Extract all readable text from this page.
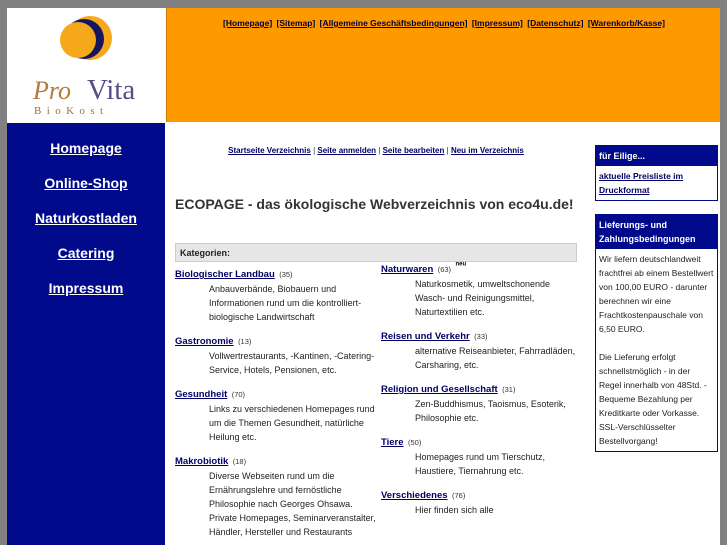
Pro Vita
BioKost
[Homepage] [Sitemap] [Allgemeine Geschäftsbedingungen] [Impressum] [Datenschutz] [Warenkorb/Kasse]
Homepage
Online-Shop
Naturkostladen
Catering
Impressum
Startseite Verzeichnis | Seite anmelden | Seite bearbeiten | Neu im Verzeichnis
ECOPAGE - das ökologische Webverzeichnis von eco4u.de!
Kategorien:
Biologischer Landbau (35)
Anbauverbände, Biobauern und Informationen rund um die kontrolliert-biologische Landwirtschaft
Gastronomie (13)
Vollwertrestaurants, -Kantinen, -Catering-Service, Hotels, Pensionen, etc.
Gesundheit (70)
Links zu verschiedenen Homepages rund um die Themen Gesundheit, natürliche Heilung etc.
Makrobiotik (18)
Diverse Webseiten rund um die Ernährungslehre und fernöstliche Philosophie nach Georges Ohsawa. Private Homepages, Seminarveranstalter, Händler, Hersteller und Restaurants
Naturwaren (63) $^{neu}$
Naturkosmetik, umweltschonende Wasch- und Reinigungsmittel, Naturtextilien etc.
Reisen und Verkehr (33)
alternative Reiseanbieter, Fahrradläden, Carsharing, etc.
Religion und Gesellschaft (31)
Zen-Buddhismus, Taoismus, Esoterik, Philosophie etc.
Tiere (50)
Homepages rund um Tierschutz, Haustiere, Tiernahrung etc.
Verschiedenes (76)
Hier finden sich alle
für Eilige...
aktuelle Preisliste im Druckformat
Lieferungs- und Zahlungsbedingungen
Wir liefern deutschlandweit frachtfrei ab einem Bestellwert von 100,00 EURO - darunter berechnen wir eine Frachtkostenpauschale von 6,50 EURO.
Die Lieferung erfolgt schnellstmöglich - in der Regel innerhalb von 48Std. - Bequeme Bezahlung per Kreditkarte oder Vorkasse. SSL-Verschlüsselter Bestellvorgang!
